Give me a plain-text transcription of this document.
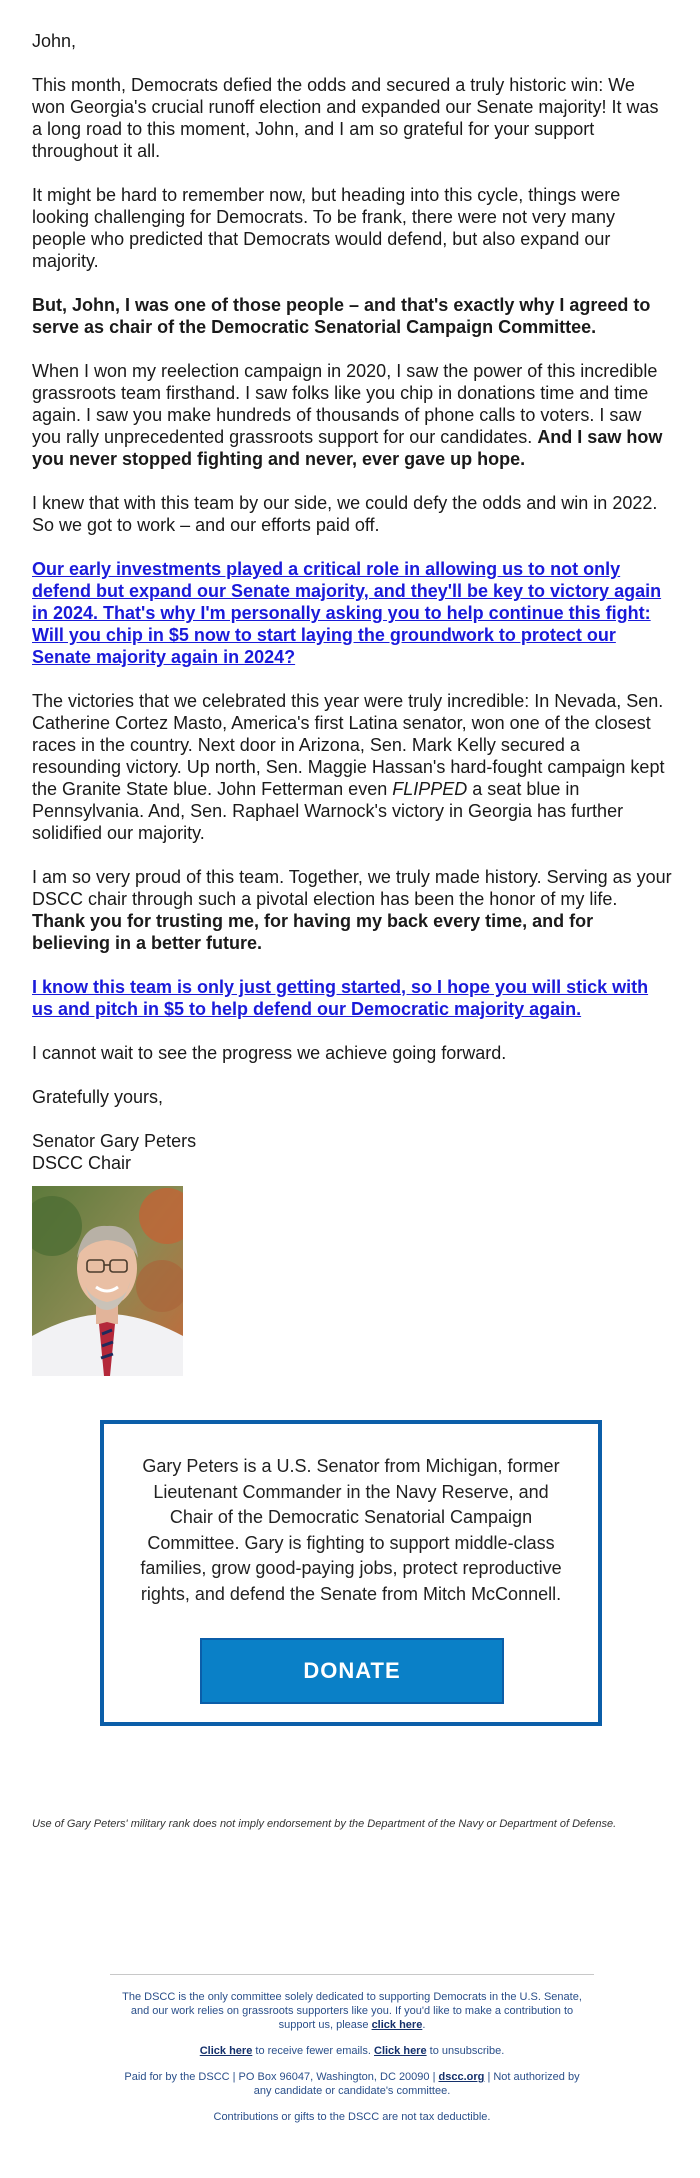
John,

This month, Democrats defied the odds and secured a truly historic win: We won Georgia's crucial runoff election and expanded our Senate majority! It was a long road to this moment, John, and I am so grateful for your support throughout it all.

It might be hard to remember now, but heading into this cycle, things were looking challenging for Democrats. To be frank, there were not very many people who predicted that Democrats would defend, but also expand our majority.

But, John, I was one of those people – and that's exactly why I agreed to serve as chair of the Democratic Senatorial Campaign Committee.

When I won my reelection campaign in 2020, I saw the power of this incredible grassroots team firsthand. I saw folks like you chip in donations time and time again. I saw you make hundreds of thousands of phone calls to voters. I saw you rally unprecedented grassroots support for our candidates. And I saw how you never stopped fighting and never, ever gave up hope.

I knew that with this team by our side, we could defy the odds and win in 2022. So we got to work – and our efforts paid off.

Our early investments played a critical role in allowing us to not only defend but expand our Senate majority, and they'll be key to victory again in 2024. That's why I'm personally asking you to help continue this fight: Will you chip in $5 now to start laying the groundwork to protect our Senate majority again in 2024?

The victories that we celebrated this year were truly incredible: In Nevada, Sen. Catherine Cortez Masto, America's first Latina senator, won one of the closest races in the country. Next door in Arizona, Sen. Mark Kelly secured a resounding victory. Up north, Sen. Maggie Hassan's hard-fought campaign kept the Granite State blue. John Fetterman even FLIPPED a seat blue in Pennsylvania. And, Sen. Raphael Warnock's victory in Georgia has further solidified our majority.

I am so very proud of this team. Together, we truly made history. Serving as your DSCC chair through such a pivotal election has been the honor of my life. Thank you for trusting me, for having my back every time, and for believing in a better future.

I know this team is only just getting started, so I hope you will stick with us and pitch in $5 to help defend our Democratic majority again.

I cannot wait to see the progress we achieve going forward.

Gratefully yours,

Senator Gary Peters

DSCC Chair

Gary Peters is a U.S. Senator from Michigan, former Lieutenant Commander in the Navy Reserve, and Chair of the Democratic Senatorial Campaign Committee. Gary is fighting to support middle-class families, grow good-paying jobs, protect reproductive rights, and defend the Senate from Mitch McConnell.
DONATE
Use of Gary Peters' military rank does not imply endorsement by the Department of the Navy or Department of Defense.

The DSCC is the only committee solely dedicated to supporting Democrats in the U.S. Senate, and our work relies on grassroots supporters like you. If you'd like to make a contribution to support us, please click here.

Click here to receive fewer emails. Click here to unsubscribe.

Paid for by the DSCC | PO Box 96047, Washington, DC 20090 | dscc.org | Not authorized by any candidate or candidate's committee.

Contributions or gifts to the DSCC are not tax deductible.
